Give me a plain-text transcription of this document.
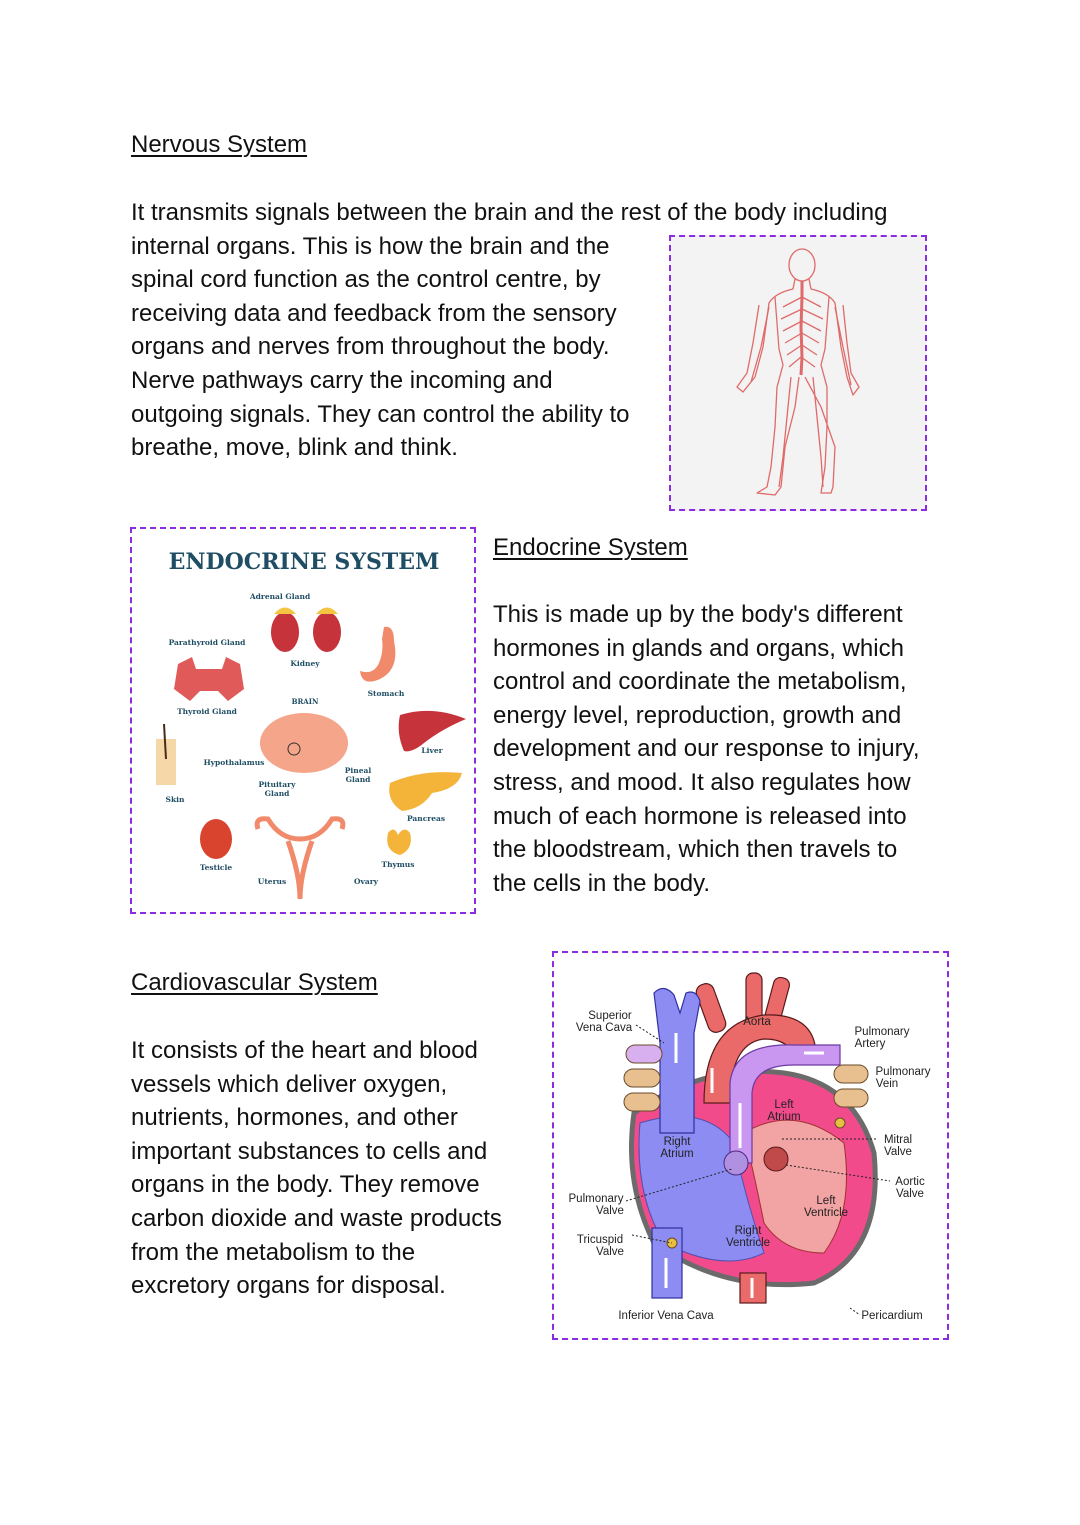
Nervous System
It transmits signals between the brain and the rest of the body including
internal organs. This is how the brain and the
spinal cord function as the control centre, by
receiving data and feedback from the sensory
organs and nerves from throughout the body.
Nerve pathways carry the incoming and
outgoing signals. They can control the ability to
breathe, move, blink and think.
ENDOCRINE SYSTEM
Adrenal Gland
Kidney
Parathyroid Gland
Thyroid Gland
Stomach
BRAIN
Hypothalamus
Pituitary
Gland
Pineal
Gland
Liver
Skin
Pancreas
Testicle
Uterus	Ovary
Thymus
Endocrine System
This is made up by the body's different
hormones in glands and organs, which
control and coordinate the metabolism,
energy level, reproduction, growth and
development and our response to injury,
stress, and mood. It also regulates how
much of each hormone is released into
the bloodstream, which then travels to
the cells in the body.
Cardiovascular System
It consists of the heart and blood
vessels which deliver oxygen,
nutrients, hormones, and other
important substances to cells and
organs in the body. They remove
carbon dioxide and waste products
from the metabolism to the
excretory organs for disposal.
Superior
Vena Cava	Aorta
Pulmonary
Artery
Pulmonary
Vein
Left
Atrium
Right
Atrium
Mitral
Valve
Aortic
Valve
Pulmonary
Valve
Left
Ventricle
Tricuspid
Valve
Right
Ventricle
Inferior Vena Cava	Pericardium
